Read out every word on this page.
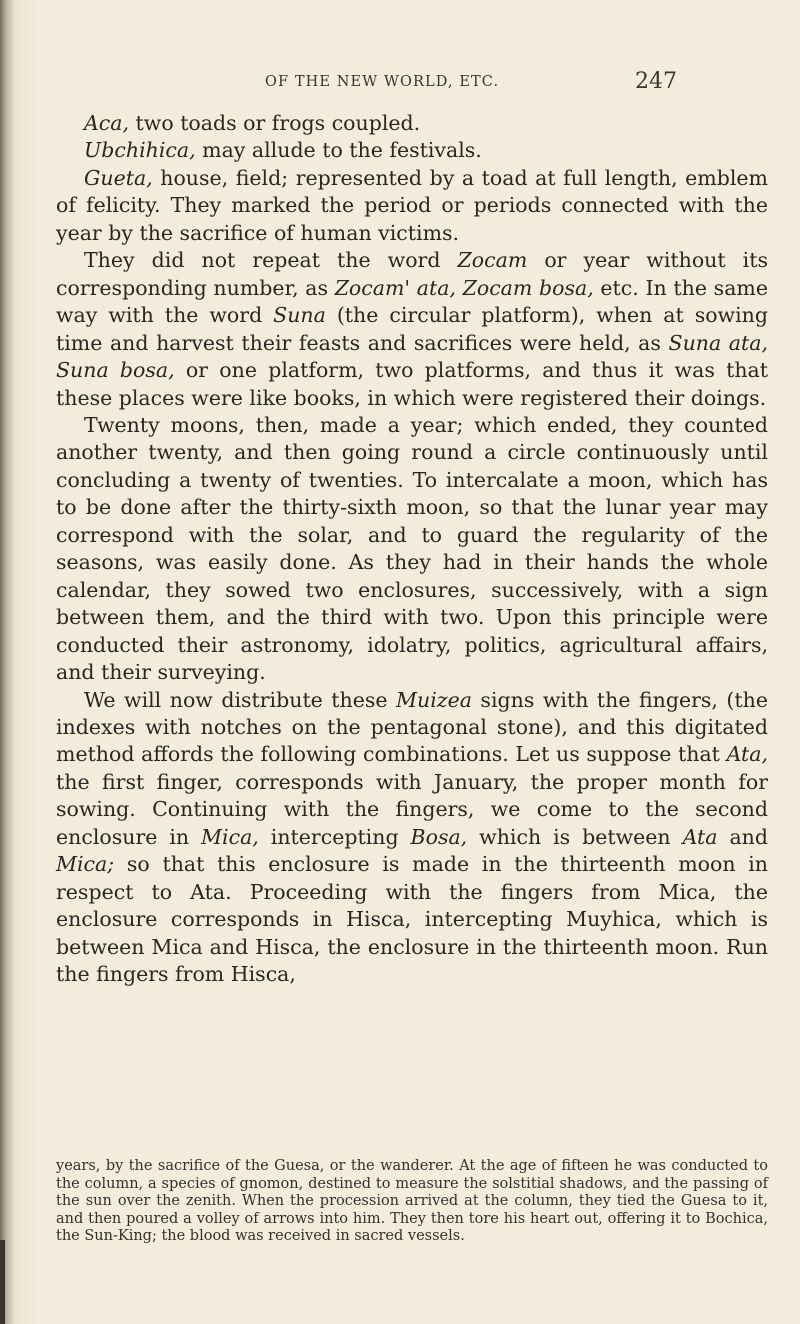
OF THE NEW WORLD, ETC.	247

Aca, two toads or frogs coupled.

Ubchihica, may allude to the festivals.

Gueta, house, field; represented by a toad at full length, emblem of felicity. They marked the period or periods connected with the year by the sacrifice of human victims.

They did not repeat the word Zocam or year without its corresponding number, as Zocam' ata, Zocam bosa, etc. In the same way with the word Suna (the circular platform), when at sowing time and harvest their feasts and sacrifices were held, as Suna ata, Suna bosa, or one platform, two platforms, and thus it was that these places were like books, in which were registered their doings.

Twenty moons, then, made a year; which ended, they counted another twenty, and then going round a circle continuously until concluding a twenty of twenties. To intercalate a moon, which has to be done after the thirty-sixth moon, so that the lunar year may correspond with the solar, and to guard the regularity of the seasons, was easily done. As they had in their hands the whole calendar, they sowed two enclosures, successively, with a sign between them, and the third with two. Upon this principle were conducted their astronomy, idolatry, politics, agricultural affairs, and their surveying.

We will now distribute these Muizea signs with the fingers, (the indexes with notches on the pentagonal stone), and this digitated method affords the following combinations. Let us suppose that Ata, the first finger, corresponds with January, the proper month for sowing. Continuing with the fingers, we come to the second enclosure in Mica, intercepting Bosa, which is between Ata and Mica; so that this enclosure is made in the thirteenth moon in respect to Ata. Proceeding with the fingers from Mica, the enclosure corresponds in Hisca, intercepting Muyhica, which is between Mica and Hisca, the enclosure in the thirteenth moon. Run the fingers from Hisca,

years, by the sacrifice of the Guesa, or the wanderer. At the age of fifteen he was conducted to the column, a species of gnomon, destined to measure the solstitial shadows, and the passing of the sun over the zenith. When the procession arrived at the column, they tied the Guesa to it, and then poured a volley of arrows into him. They then tore his heart out, offering it to Bochica, the Sun-King; the blood was received in sacred vessels.
